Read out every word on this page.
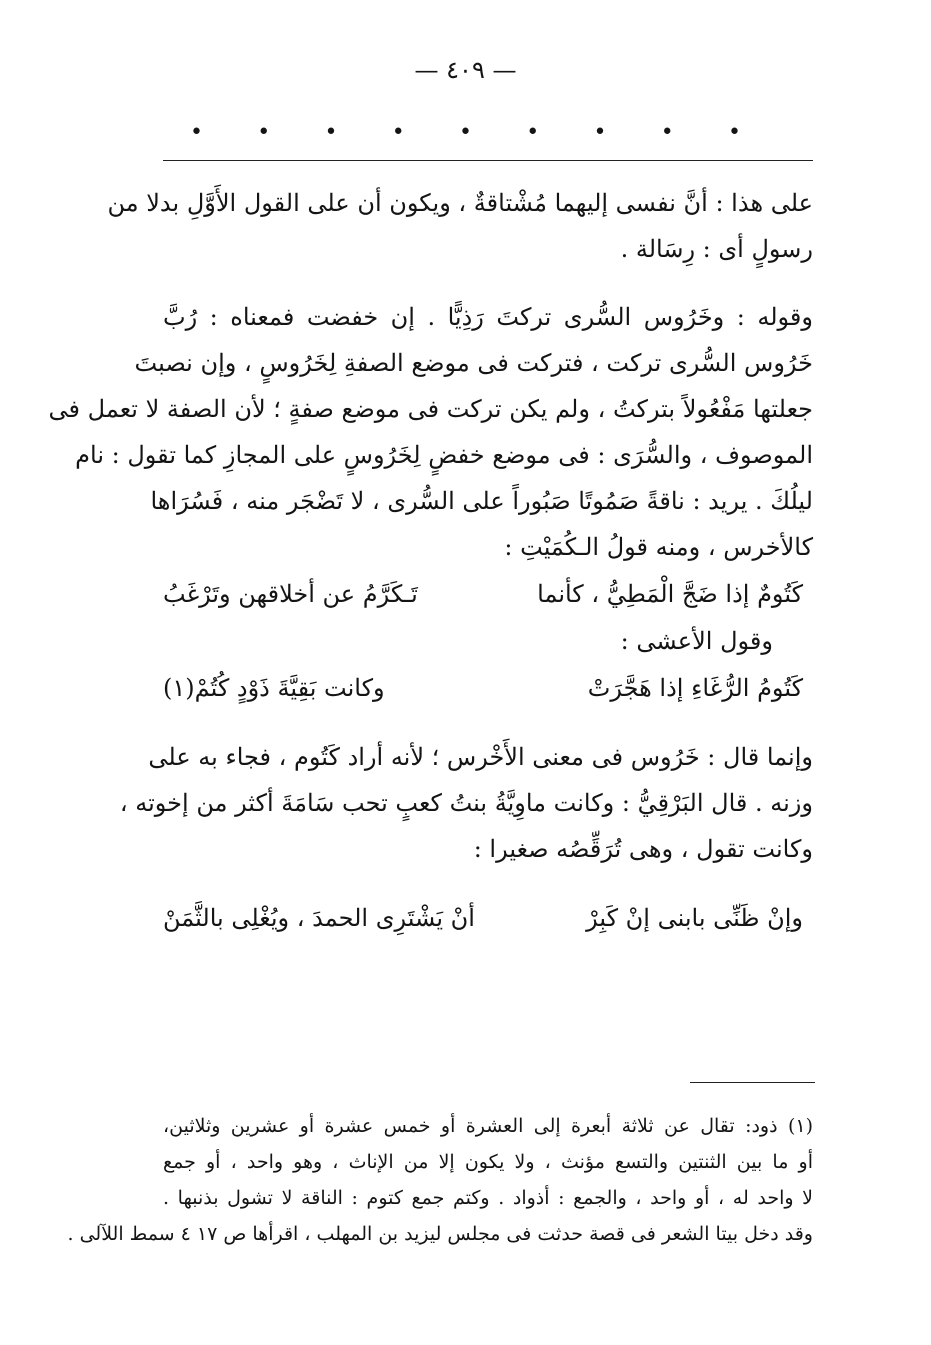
— ٤٠٩ —
•
•
•
•
•
•
•
•
•
على هذا : أنَّ نفسى إليهما مُشْتاقةٌ ، ويكون أن على القول الأَوَّلِ بدلا من
رسولٍ أى : رِسَالة .
وقوله : وخَرُوس السُّرى تركتَ رَذِيًّا . إن خفضت فمعناه : رُبَّ
خَرُوس السُّرى تركت ، فتركت فى موضع الصفةِ لِخَرُوسٍ ، وإن نصبتَ
جعلتها مَفْعُولاً بتركتُ ، ولم يكن تركت فى موضع صفةٍ ؛ لأن الصفة لا تعمل فى
الموصوف ، والسُّرَى : فى موضع خفضٍ لِخَرُوسٍ على المجازِ كما تقول : نام
ليلُكَ . يريد : ناقةً صَمُوتًا صَبُوراً على السُّرى ، لا تَضْجَر منه ، فَسُرَاها
كالأخرس ، ومنه قولُ الـكُمَيْتِ :
كَتُومٌ إذا ضَجَّ الْمَطِيُّ ، كأنما
تَـكَرَّمُ عن أخلاقهن وتَرْغَبُ
وقول الأعشى :
كَتُومُ الرُّغَاءِ إذا هَجَّرَتْ
وكانت بَقِيَّةَ ذَوْدٍ كُتُمْ(١)
وإنما قال : خَرُوس فى معنى الأَخْرس ؛ لأنه أراد كَتُوم ، فجاء به على
وزنه . قال البَرْقِيُّ : وكانت ماوِيَّةُ بنتُ كعبٍ تحب سَامَةَ أكثر من إخوته ،
وكانت تقول ، وهى تُرَقِّصُه صغيرا :
وإنْ ظَنِّى بابنى إنْ كَبِرْ
أنْ يَشْتَرِى الحمدَ ، ويُغْلِى بالثَّمَنْ
(١) ذود: تقال عن ثلاثة أبعرة إلى العشرة أو خمس عشرة أو عشرين وثلاثين،
أو ما بين الثنتين والتسع مؤنث ، ولا يكون إلا من الإناث ، وهو واحد ، أو جمع
لا واحد له ، أو واحد ، والجمع : أذواد . وكتم جمع كتوم : الناقة لا تشول بذنبها .
وقد دخل بيتا الشعر فى قصة حدثت فى مجلس ليزيد بن المهلب ، اقرأها ص ١٧ ٤ سمط اللآلى .
